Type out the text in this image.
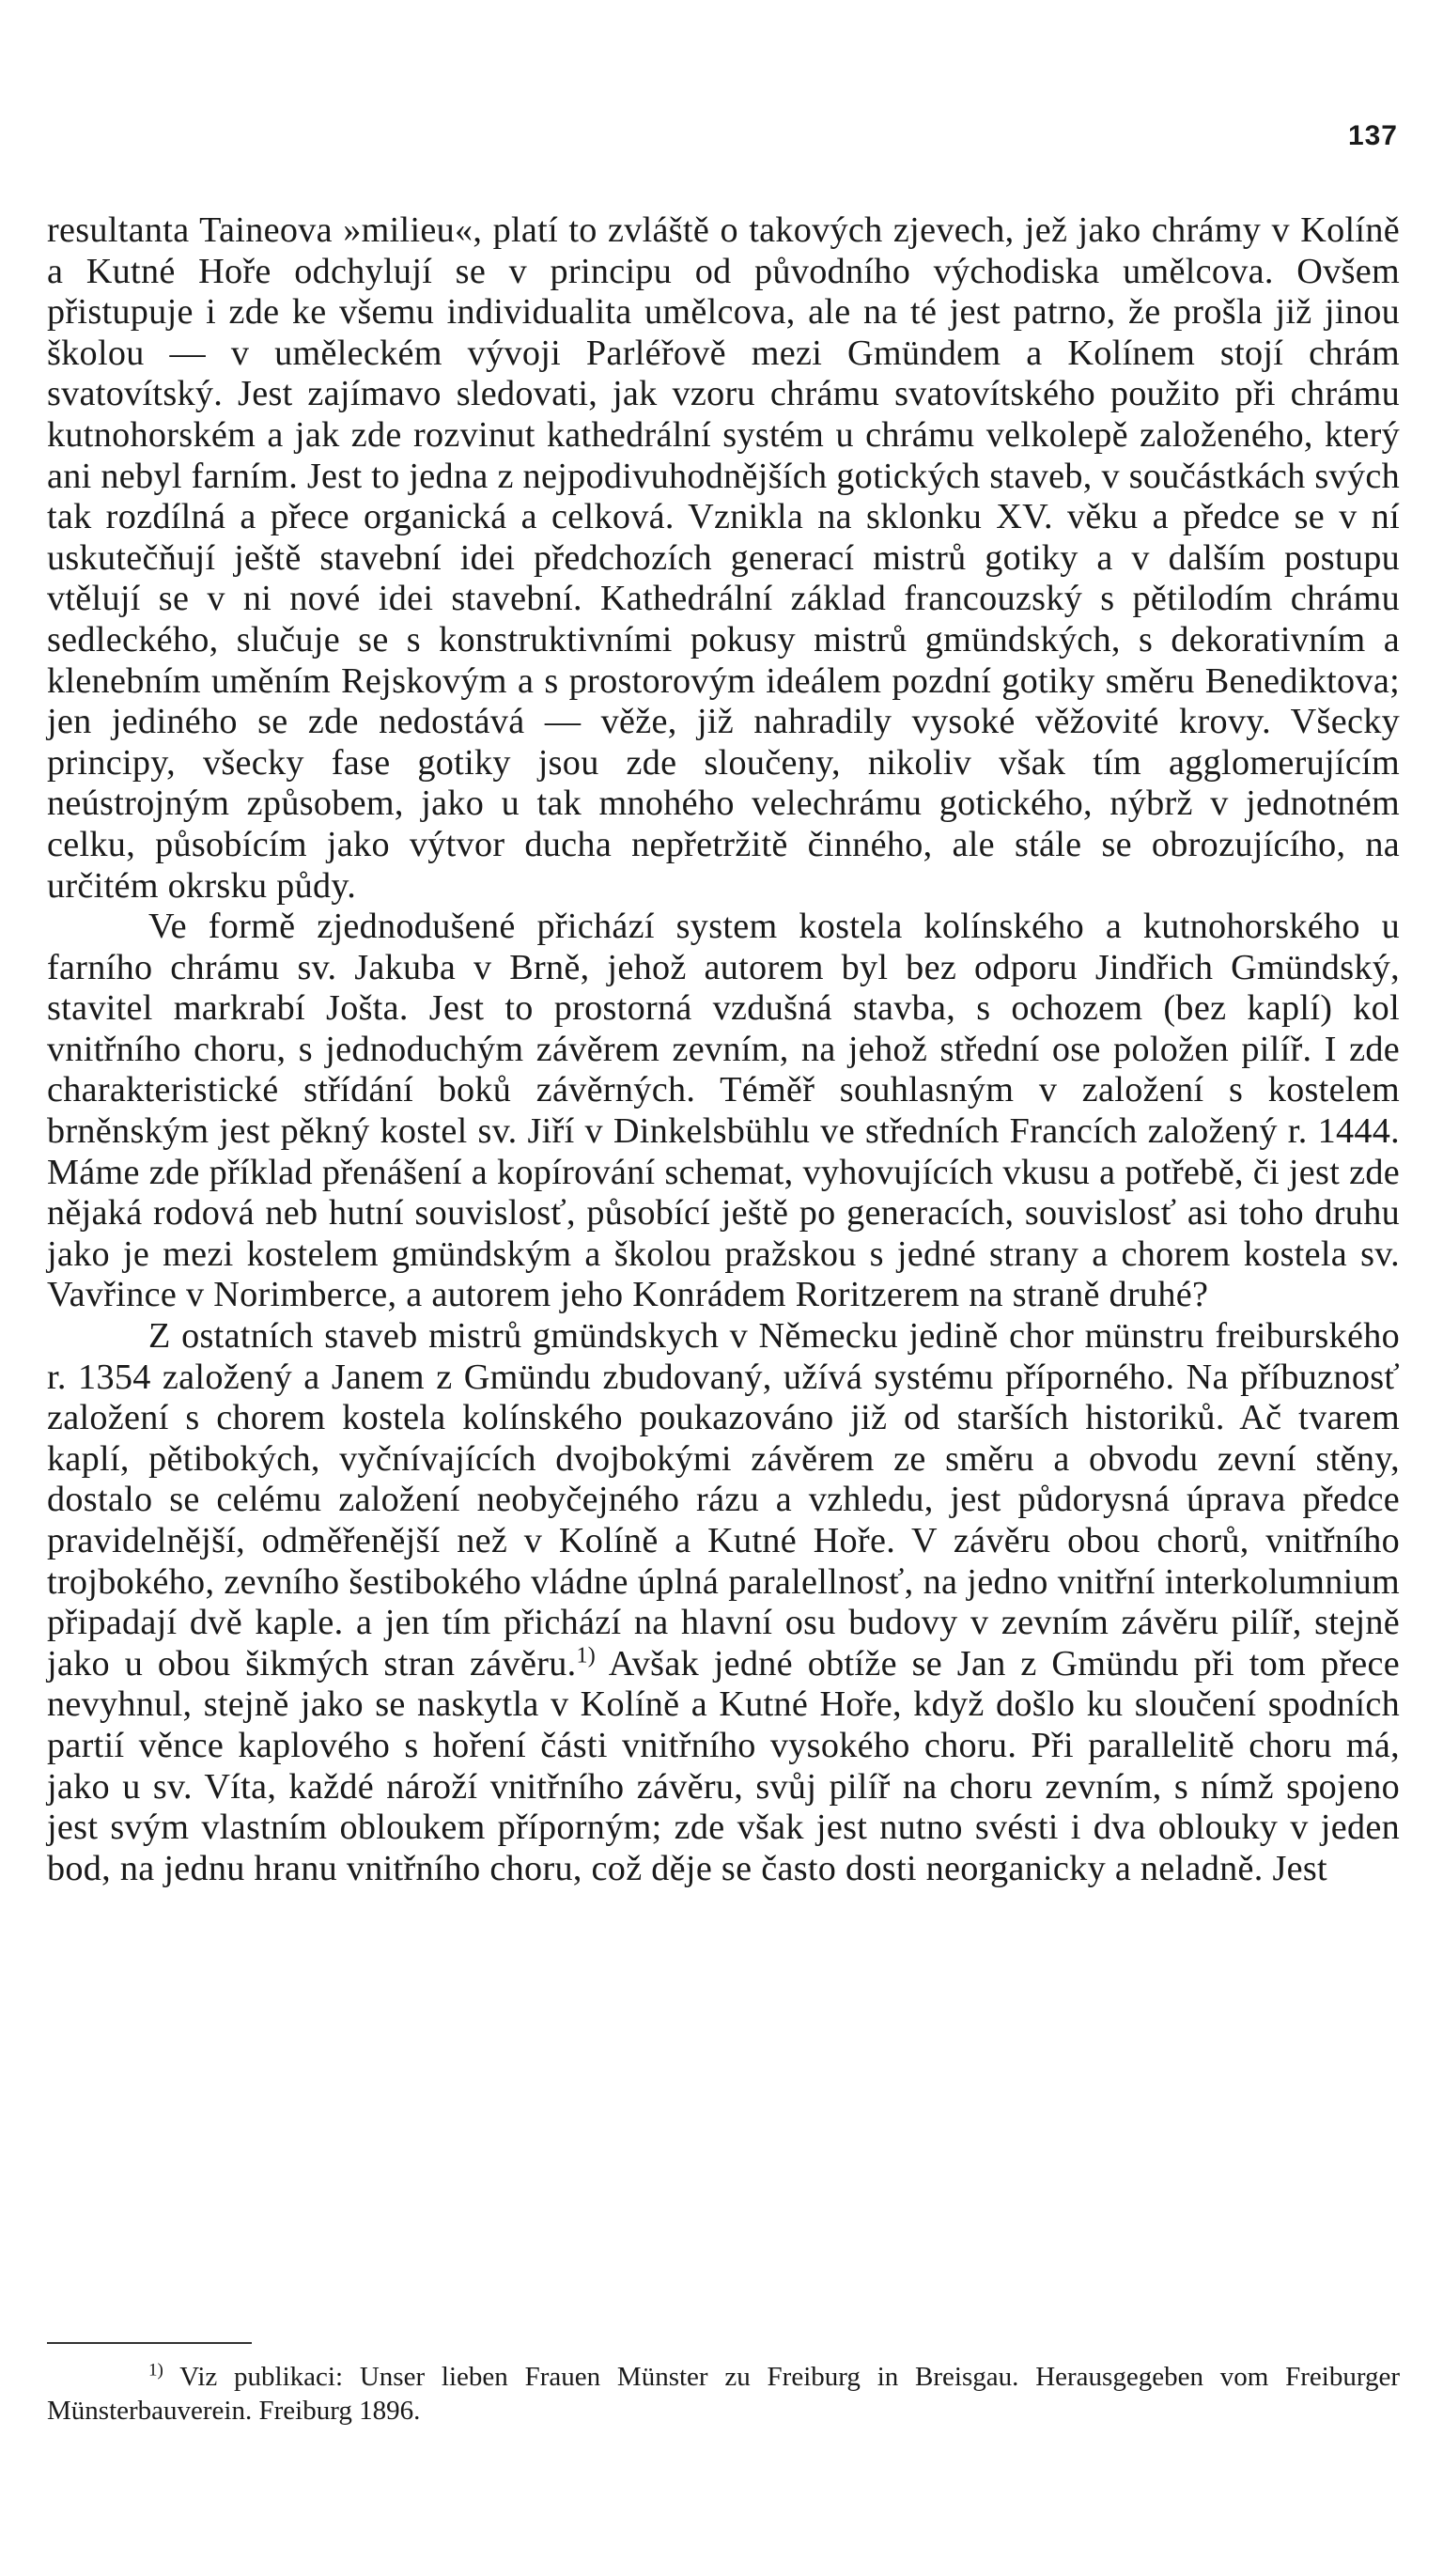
137

resultanta Taineova »milieu«, platí to zvláště o takových zjevech, jež jako chrámy v Kolíně a Kutné Hoře odchylují se v principu od původního východiska umělcova. Ovšem přistupuje i zde ke všemu individualita umělcova, ale na té jest patrno, že prošla již jinou školou — v uměleckém vývoji Parléřově mezi Gmündem a Kolínem stojí chrám svatovítský. Jest zajímavo sledovati, jak vzoru chrámu svatovítského použito při chrámu kutnohorském a jak zde rozvinut kathedrální systém u chrámu velkolepě založeného, který ani nebyl farním. Jest to jedna z nejpodivuhodnějších gotických staveb, v součástkách svých tak rozdílná a přece organická a celková. Vznikla na sklonku XV. věku a předce se v ní uskutečňují ještě stavební idei předchozích generací mistrů gotiky a v dalším postupu vtělují se v ni nové idei stavební. Kathedrální základ francouzský s pětilodím chrámu sedleckého, slučuje se s konstruktivními pokusy mistrů gmündských, s dekorativním a klenebním uměním Rejskovým a s prostorovým ideálem pozdní gotiky směru Benediktova; jen jediného se zde nedostává — věže, již nahradily vysoké věžovité krovy. Všecky principy, všecky fase gotiky jsou zde sloučeny, nikoliv však tím agglomerujícím neústrojným způsobem, jako u tak mnohého velechrámu gotického, nýbrž v jednotném celku, působícím jako výtvor ducha nepřetržitě činného, ale stále se obrozujícího, na určitém okrsku půdy.

Ve formě zjednodušené přichází system kostela kolínského a kutnohorského u farního chrámu sv. Jakuba v Brně, jehož autorem byl bez odporu Jindřich Gmündský, stavitel markrabí Jošta. Jest to prostorná vzdušná stavba, s ochozem (bez kaplí) kol vnitřního choru, s jednoduchým závěrem zevním, na jehož střední ose položen pilíř. I zde charakteristické střídání boků závěrných. Téměř souhlasným v založení s kostelem brněnským jest pěkný kostel sv. Jiří v Dinkelsbühlu ve středních Francích založený r. 1444. Máme zde příklad přenášení a kopírování schemat, vyhovujících vkusu a potřebě, či jest zde nějaká rodová neb hutní souvislosť, působící ještě po generacích, souvislosť asi toho druhu jako je mezi kostelem gmündským a školou pražskou s jedné strany a chorem kostela sv. Vavřince v Norimberce, a autorem jeho Konrádem Roritzerem na straně druhé?

Z ostatních staveb mistrů gmündskych v Německu jedině chor münstru freiburského r. 1354 založený a Janem z Gmündu zbudovaný, užívá systému příporného. Na příbuznosť založení s chorem kostela kolínského poukazováno již od starších historiků. Ač tvarem kaplí, pětibokých, vyčnívajících dvojbokými závěrem ze směru a obvodu zevní stěny, dostalo se celému založení neobyčejného rázu a vzhledu, jest půdorysná úprava předce pravidelnější, odměřenější než v Kolíně a Kutné Hoře. V závěru obou chorů, vnitřního trojbokého, zevního šestibokého vládne úplná paralellnosť, na jedno vnitřní interkolumnium připadají dvě kaple. a jen tím přichází na hlavní osu budovy v zevním závěru pilíř, stejně jako u obou šikmých stran závěru.$^{1)}$ Avšak jedné obtíže se Jan z Gmündu při tom přece nevyhnul, stejně jako se naskytla v Kolíně a Kutné Hoře, když došlo ku sloučení spodních partií věnce kaplového s hoření části vnitřního vysokého choru. Při parallelitě choru má, jako u sv. Víta, každé nároží vnitřního závěru, svůj pilíř na choru zevním, s nímž spojeno jest svým vlastním obloukem příporným; zde však jest nutno svésti i dva oblouky v jeden bod, na jednu hranu vnitřního choru, což děje se často dosti neorganicky a neladně. Jest

$^{1)}$ Viz publikaci: Unser lieben Frauen Münster zu Freiburg in Breisgau. Herausgegeben vom Freiburger Münsterbauverein. Freiburg 1896.
